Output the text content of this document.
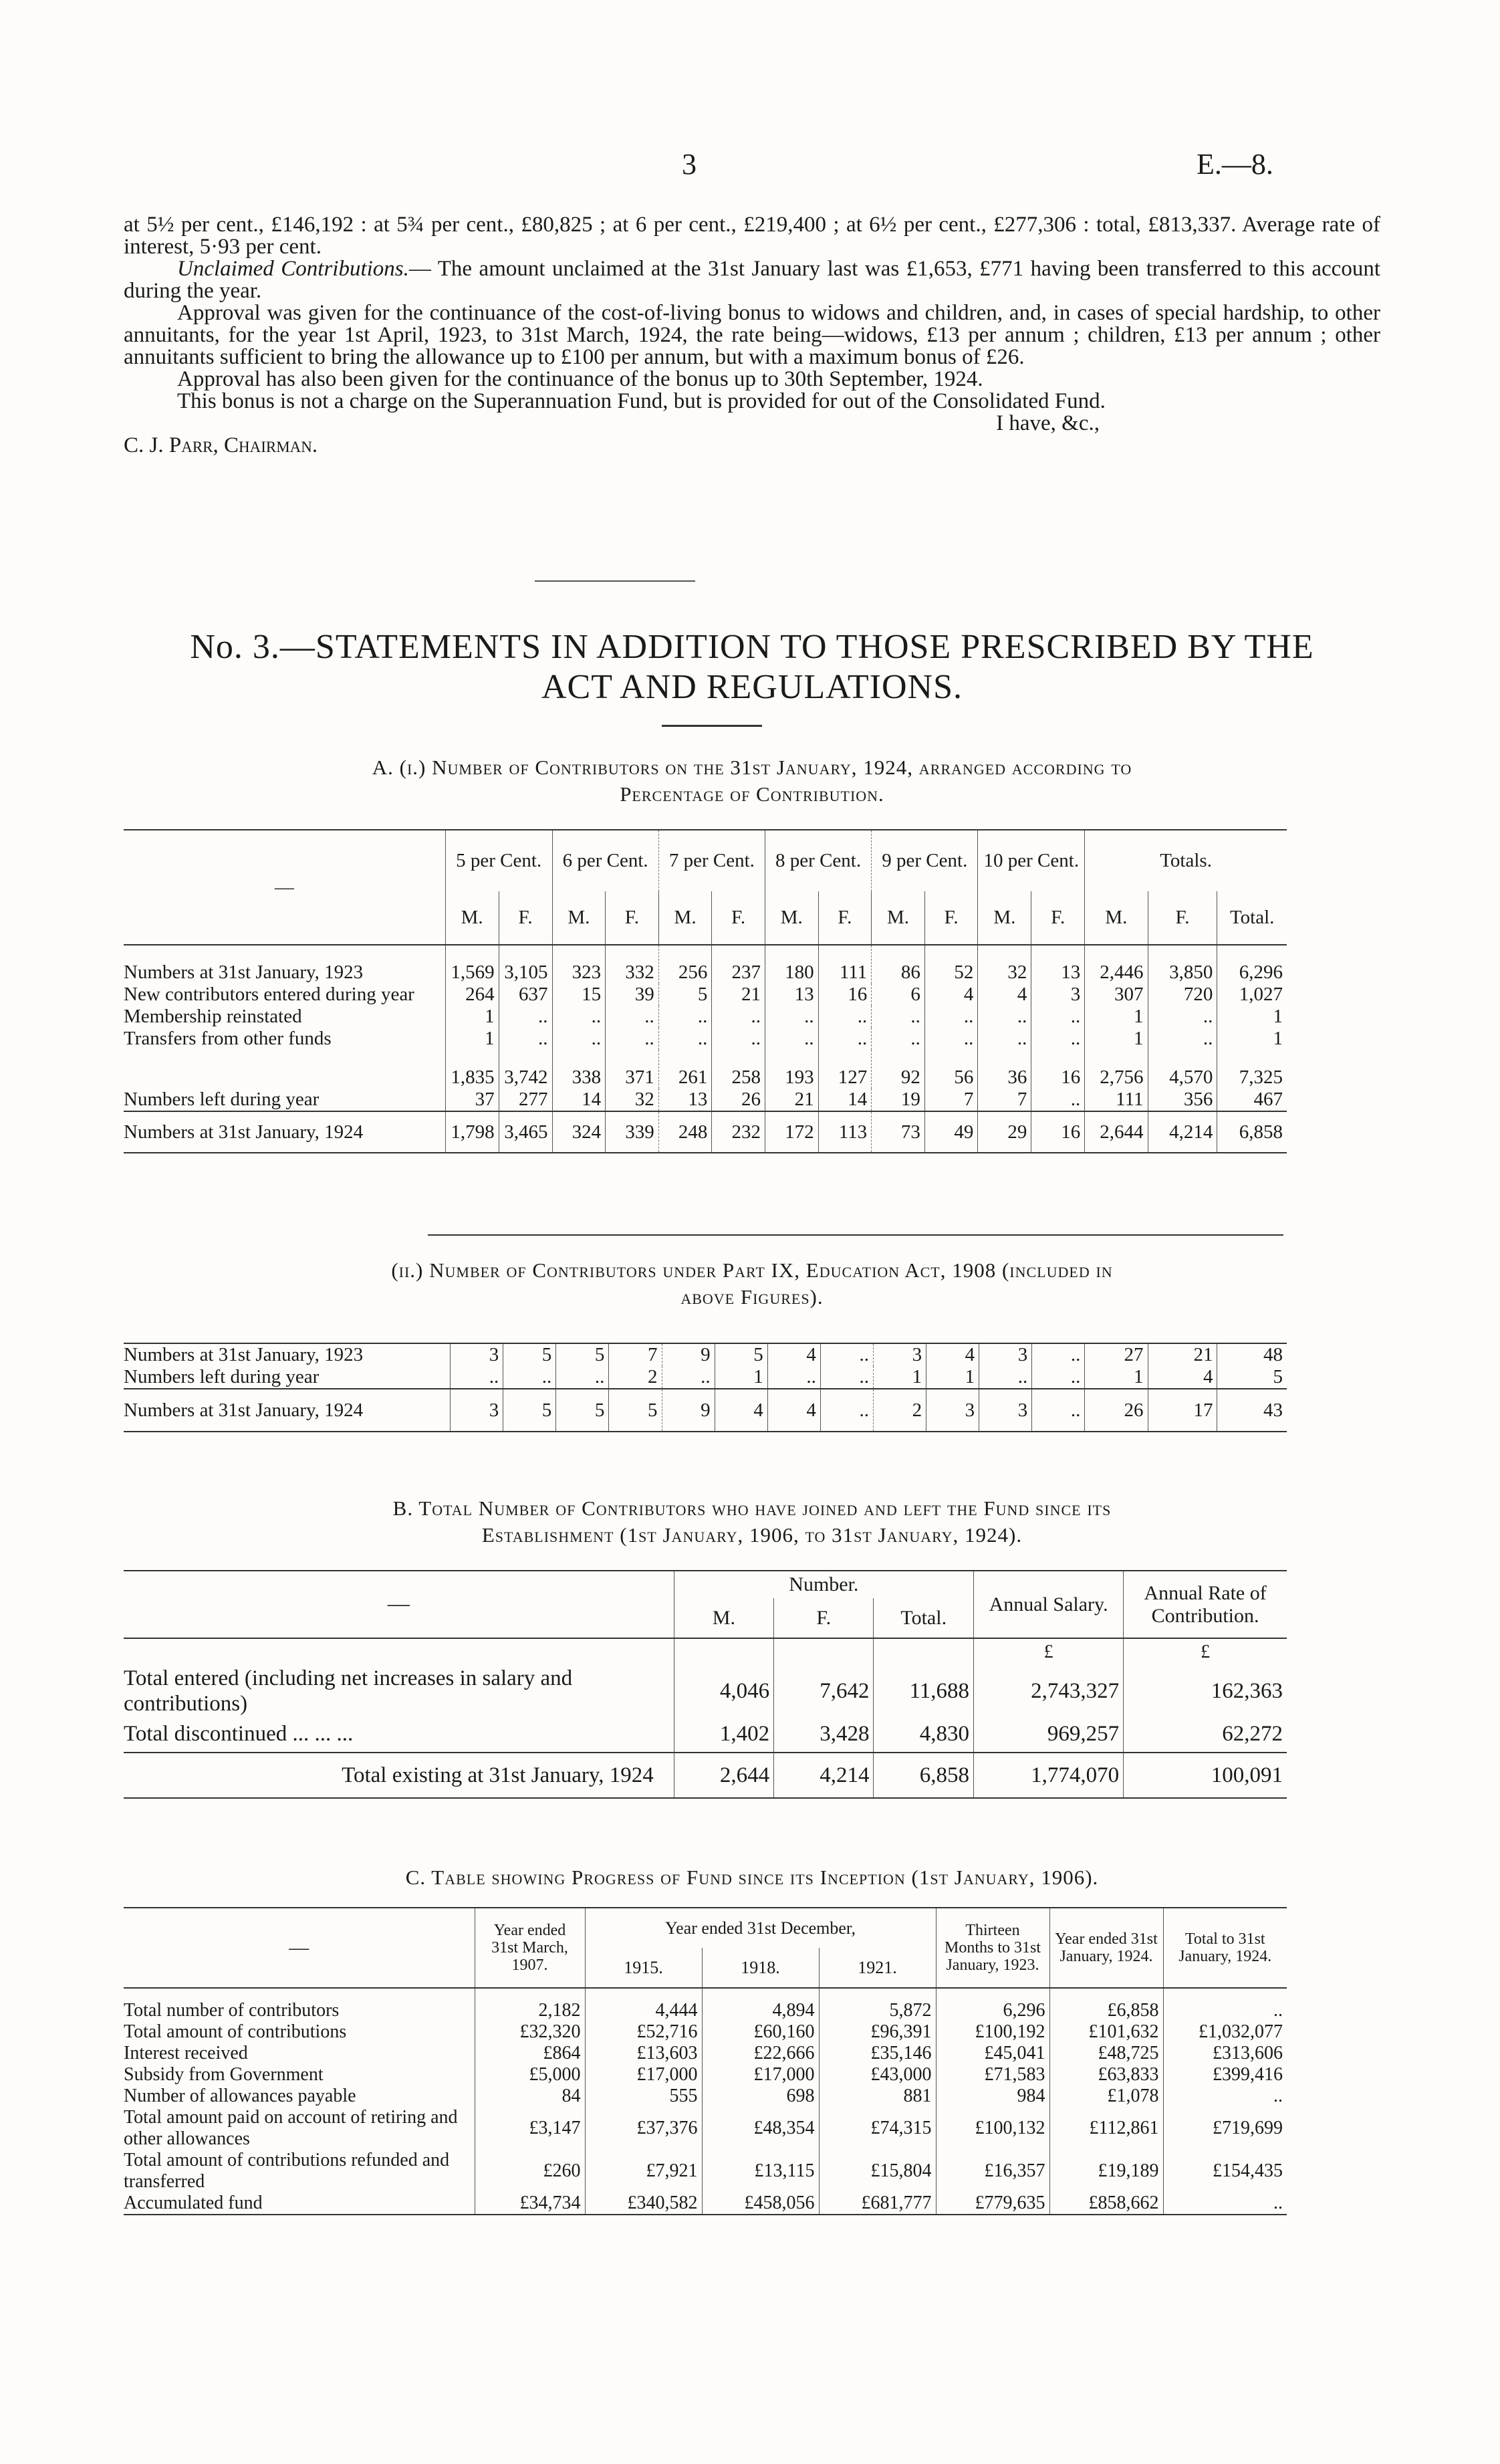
3	E.—8.

at 5½ per cent., £146,192 : at 5¾ per cent., £80,825 ; at 6 per cent., £219,400 ; at 6½ per cent., £277,306 : total, £813,337. Average rate of interest, 5·93 per cent.

Unclaimed Contributions.— The amount unclaimed at the 31st January last was £1,653, £771 having been transferred to this account during the year.

Approval was given for the continuance of the cost-of-living bonus to widows and children, and, in cases of special hardship, to other annuitants, for the year 1st April, 1923, to 31st March, 1924, the rate being—widows, £13 per annum ; children, £13 per annum ; other annuitants sufficient to bring the allowance up to £100 per annum, but with a maximum bonus of £26.

Approval has also been given for the continuance of the bonus up to 30th September, 1924.

This bonus is not a charge on the Superannuation Fund, but is provided for out of the Consolidated Fund.

I have, &c.,

C. J. Parr, Chairman.

No. 3.—STATEMENTS IN ADDITION TO THOSE PRESCRIBED BY THE
ACT AND REGULATIONS.
A. (i.) Number of Contributors on the 31st January, 1924, arranged according to
Percentage of Contribution.
—	5 per Cent.		6 per Cent.		7 per Cent.		8 per Cent.		9 per Cent.		10 per Cent.		Totals.		
	M.	F.	M.	F.	M.	F.	M.	F.	M.	F.	M.	F.	M.	F.	Total.
Numbers at 31st January, 1923	1,569	3,105	323	332	256	237	180	111	86	52	32	13	2,446	3,850	6,296
New contributors entered during year	264	637	15	39	5	21	13	16	6	4	4	3	307	720	1,027
Membership reinstated	1	..	..	..	..	..	..	..	..	..	..	..	1	..	1
Transfers from other funds	1	..	..	..	..	..	..	..	..	..	..	..	1	..	1
	1,835	3,742	338	371	261	258	193	127	92	56	36	16	2,756	4,570	7,325
Numbers left during year	37	277	14	32	13	26	21	14	19	7	7	..	111	356	467
Numbers at 31st January, 1924	1,798	3,465	324	339	248	232	172	113	73	49	29	16	2,644	4,214	6,858
(ii.) Number of Contributors under Part IX, Education Act, 1908 (included in
above Figures).
Numbers at 31st January, 1923	3	5	5	7	9	5	4	..	3	4	3	..	27	21	48
Numbers left during year	..	..	..	2	..	1	..	..	1	1	..	..	1	4	5
Numbers at 31st January, 1924	3	5	5	5	9	4	4	..	2	3	3	..	26	17	43
B. Total Number of Contributors who have joined and left the Fund since its
Establishment (1st January, 1906, to 31st January, 1924).
—	Number.			Annual Salary.	Annual Rate of Contribution.
	M.	F.	Total.		
				£	£
Total entered (including net increases in salary and contributions)	4,046	7,642	11,688	2,743,327	162,363
Total discontinued ... ... ...	1,402	3,428	4,830	969,257	62,272
Total existing at 31st January, 1924	2,644	4,214	6,858	1,774,070	100,091
C. Table showing Progress of Fund since its Inception (1st January, 1906).
—	Year ended 31st March, 1907.	Year ended 31st December,			Thirteen Months to 31st January, 1923.	Year ended 31st January, 1924.	Total to 31st January, 1924.
		1915.	1918.	1921.			
Total number of contributors	2,182	4,444	4,894	5,872	6,296	£6,858	..
Total amount of contributions	£32,320	£52,716	£60,160	£96,391	£100,192	£101,632	£1,032,077
Interest received	£864	£13,603	£22,666	£35,146	£45,041	£48,725	£313,606
Subsidy from Government	£5,000	£17,000	£17,000	£43,000	£71,583	£63,833	£399,416
Number of allowances payable	84	555	698	881	984	£1,078	..
Total amount paid on account of retiring and other allowances	£3,147	£37,376	£48,354	£74,315	£100,132	£112,861	£719,699
Total amount of contributions refunded and transferred	£260	£7,921	£13,115	£15,804	£16,357	£19,189	£154,435
Accumulated fund	£34,734	£340,582	£458,056	£681,777	£779,635	£858,662	..
